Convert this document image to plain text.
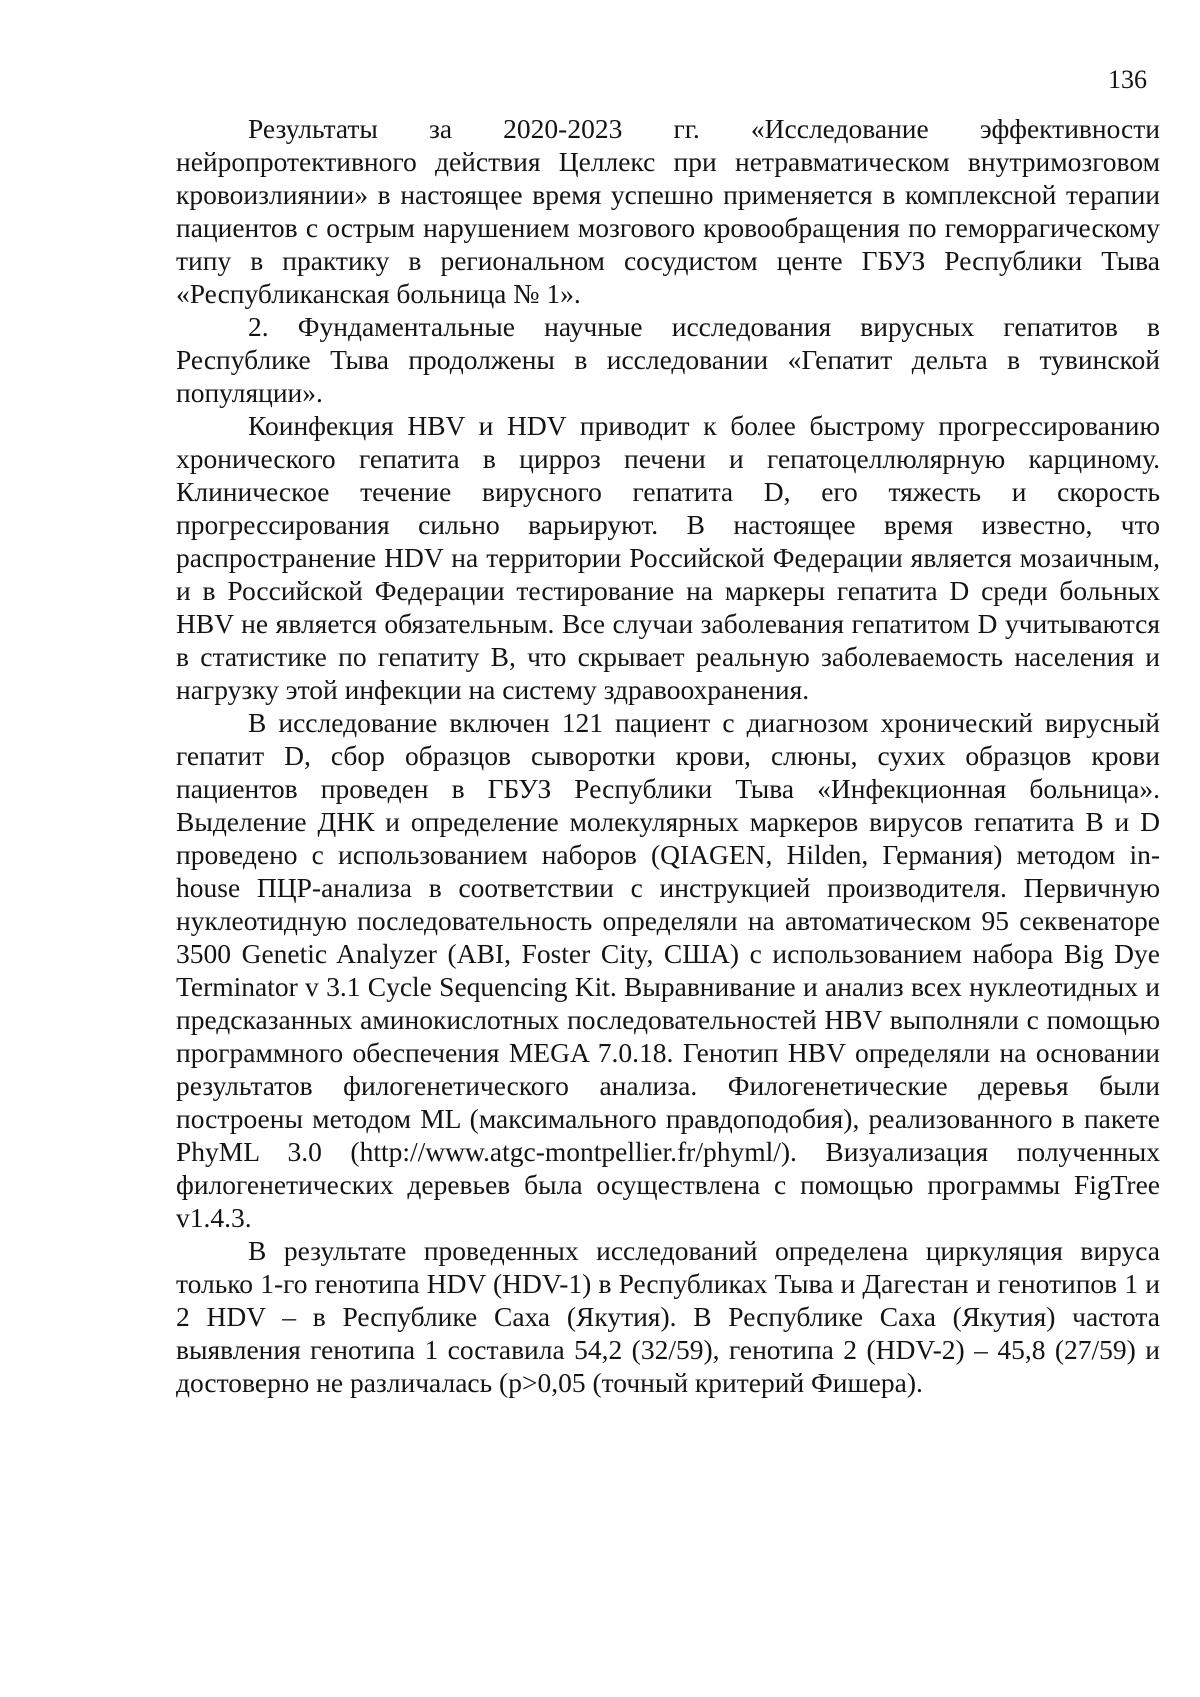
136

Результаты за 2020-2023 гг. «Исследование эффективности нейропротективного действия Целлекс при нетравматическом внутримозговом кровоизлиянии» в настоящее время успешно применяется в комплексной терапии пациентов с острым нарушением мозгового кровообращения по геморрагическому типу в практику в региональном сосудистом центе ГБУЗ Республики Тыва «Республиканская больница № 1».

2. Фундаментальные научные исследования вирусных гепатитов в Республике Тыва продолжены в исследовании «Гепатит дельта в тувинской популяции».

Коинфекция HBV и HDV приводит к более быстрому прогрессированию хронического гепатита в цирроз печени и гепатоцеллюлярную карциному. Клиническое течение вирусного гепатита D, его тяжесть и скорость прогрессирования сильно варьируют. В настоящее время известно, что распространение HDV на территории Российской Федерации является мозаичным, и в Российской Федерации тестирование на маркеры гепатита D среди больных HBV не является обязательным. Все случаи заболевания гепатитом D учитываются в статистике по гепатиту B, что скрывает реальную заболеваемость населения и нагрузку этой инфекции на систему здравоохранения.

В исследование включен 121 пациент с диагнозом хронический вирусный гепатит D, сбор образцов сыворотки крови, слюны, сухих образцов крови пациентов проведен в ГБУЗ Республики Тыва «Инфекционная больница». Выделение ДНК и определение молекулярных маркеров вирусов гепатита B и D проведено с использованием наборов (QIAGEN, Hilden, Германия) методом in-house ПЦР-анализа в соответствии с инструкцией производителя. Первичную нуклеотидную последовательность определяли на автоматическом 95 секвенаторе 3500 Genetic Analyzer (ABI, Foster City, США) с использованием набора Big Dye Terminator v 3.1 Cycle Sequencing Kit. Выравнивание и анализ всех нуклеотидных и предсказанных аминокислотных последовательностей HBV выполняли с помощью программного обеспечения MEGA 7.0.18. Генотип HBV определяли на основании результатов филогенетического анализа. Филогенетические деревья были построены методом ML (максимального правдоподобия), реализованного в пакете PhyML 3.0 (http://www.atgc-montpellier.fr/phyml/). Визуализация полученных филогенетических деревьев была осуществлена с помощью программы FigTree v1.4.3.

В результате проведенных исследований определена циркуляция вируса только 1-го генотипа HDV (HDV-1) в Республиках Тыва и Дагестан и генотипов 1 и 2 HDV – в Республике Саха (Якутия). В Республике Саха (Якутия) частота выявления генотипа 1 составила 54,2 (32/59), генотипа 2 (HDV-2) – 45,8 (27/59) и достоверно не различалась (p>0,05 (точный критерий Фишера).
